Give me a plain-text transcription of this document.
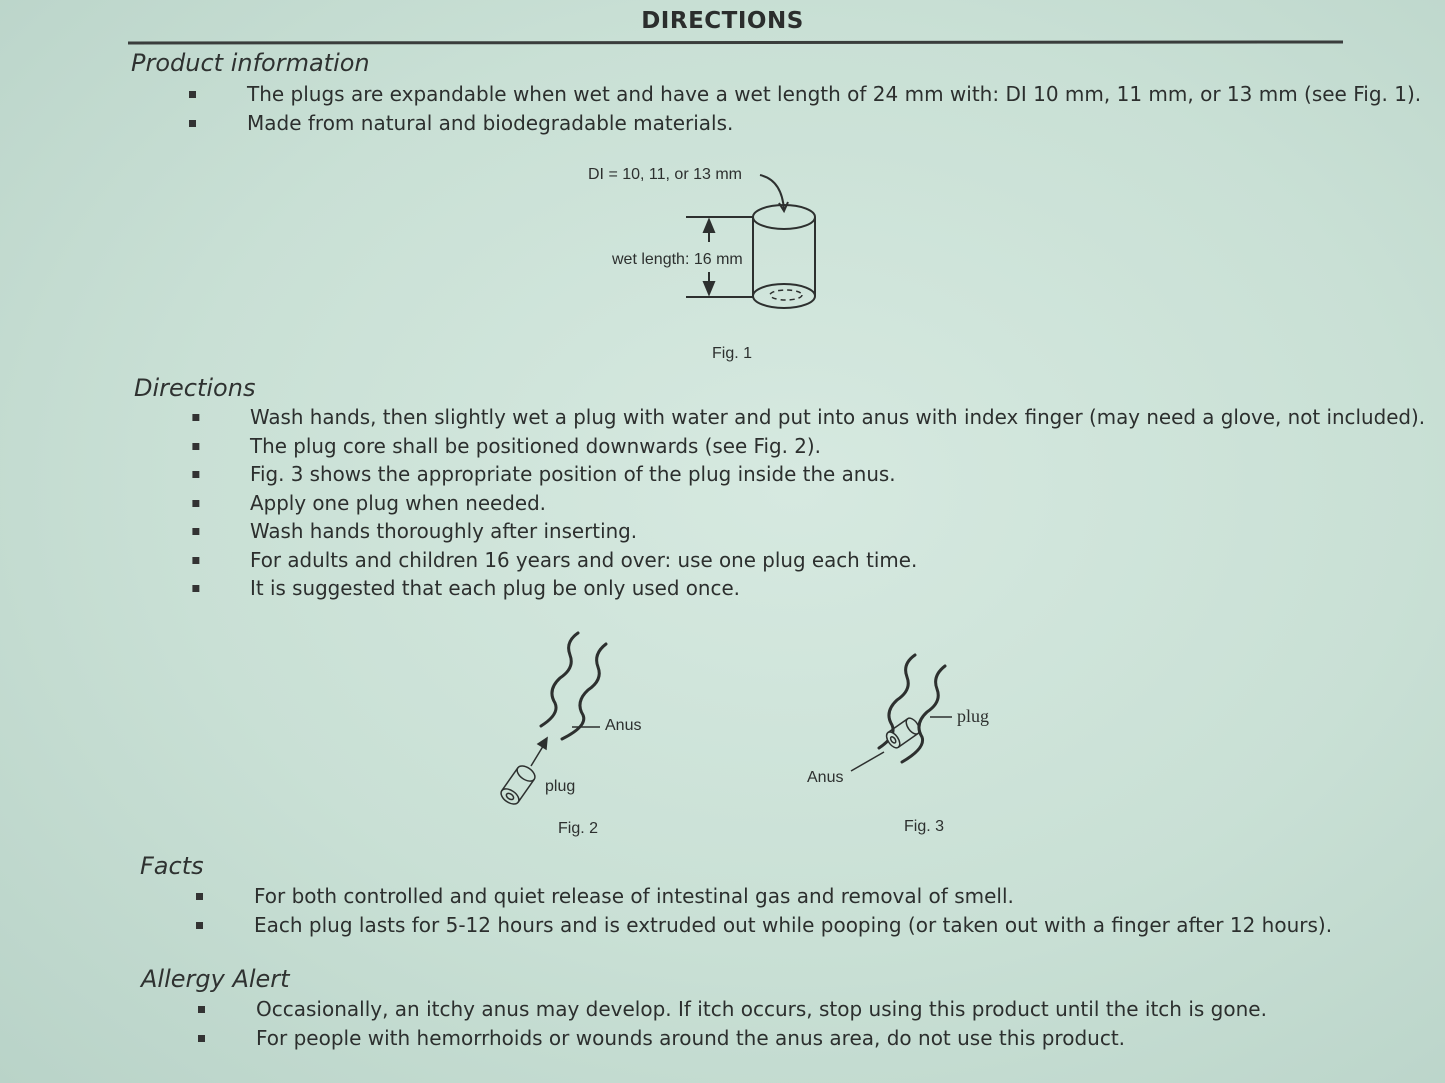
DIRECTIONS
Product information
The plugs are expandable when wet and have a wet length of 24 mm with: DI 10 mm, 11 mm, or 13 mm (see Fig. 1).
Made from natural and biodegradable materials.
DI = 10, 11, or 13 mm
wet length: 16 mm
Fig. 1
Directions
Wash hands, then slightly wet a plug with water and put into anus with index finger (may need a glove, not included).
The plug core shall be positioned downwards (see Fig. 2).
Fig. 3 shows the appropriate position of the plug inside the anus.
Apply one plug when needed.
Wash hands thoroughly after inserting.
For adults and children 16 years and over: use one plug each time.
It is suggested that each plug be only used once.
Anus
plug
Fig. 2
plug
Anus
Fig. 3
Facts
For both controlled and quiet release of intestinal gas and removal of smell.
Each plug lasts for 5-12 hours and is extruded out while pooping (or taken out with a finger after 12 hours).
Allergy Alert
Occasionally, an itchy anus may develop. If itch occurs, stop using this product until the itch is gone.
For people with hemorrhoids or wounds around the anus area, do not use this product.
